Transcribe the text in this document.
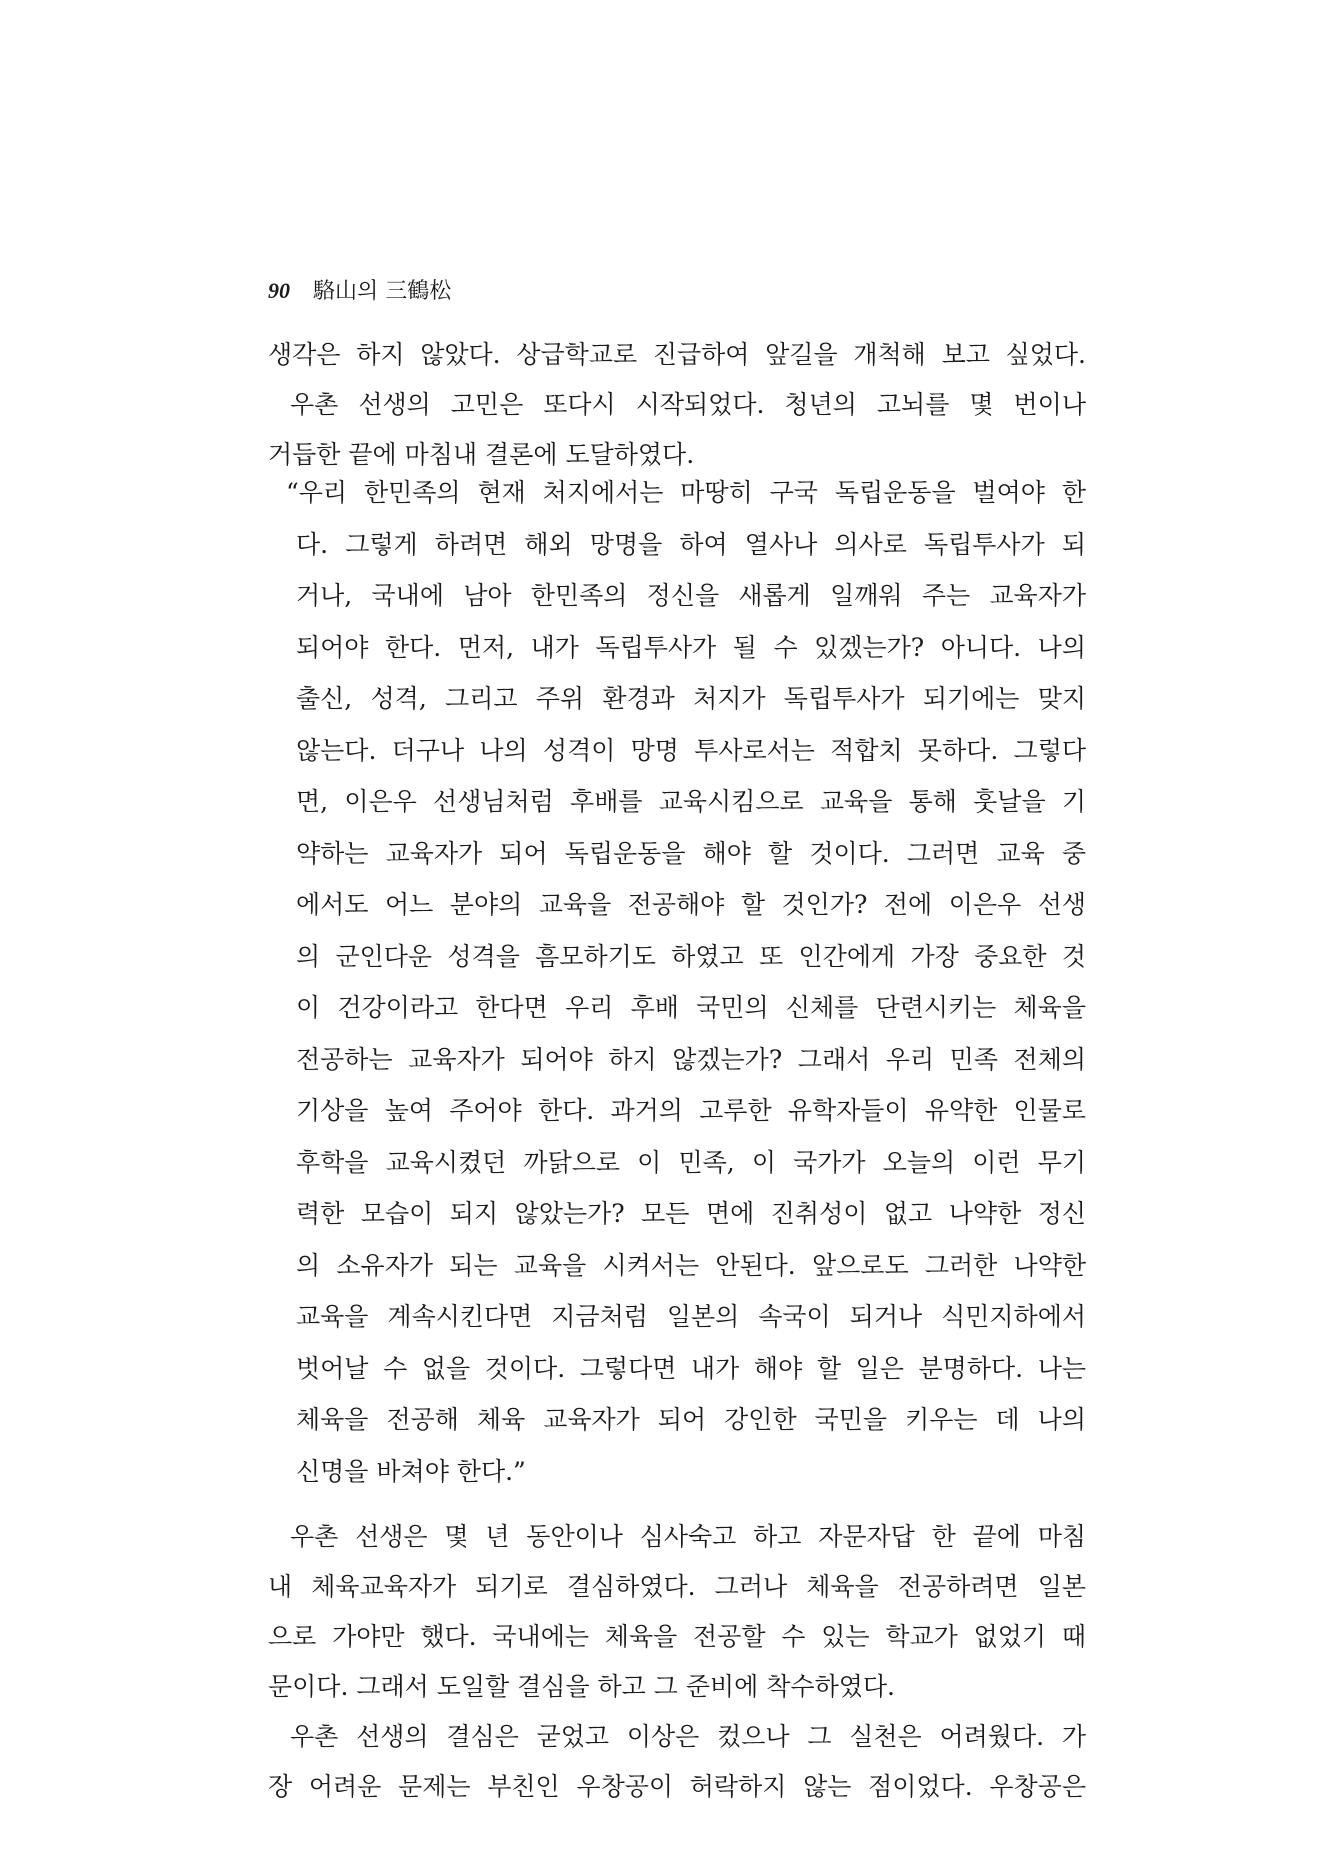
90 駱山의 三鶴松
생각은 하지 않았다. 상급학교로 진급하여 앞길을 개척해 보고 싶었다.
우촌 선생의 고민은 또다시 시작되었다. 청년의 고뇌를 몇 번이나
거듭한 끝에 마침내 결론에 도달하였다.
“우리 한민족의 현재 처지에서는 마땅히 구국 독립운동을 벌여야 한
다. 그렇게 하려면 해외 망명을 하여 열사나 의사로 독립투사가 되
거나, 국내에 남아 한민족의 정신을 새롭게 일깨워 주는 교육자가
되어야 한다. 먼저, 내가 독립투사가 될 수 있겠는가? 아니다. 나의
출신, 성격, 그리고 주위 환경과 처지가 독립투사가 되기에는 맞지
않는다. 더구나 나의 성격이 망명 투사로서는 적합치 못하다. 그렇다
면, 이은우 선생님처럼 후배를 교육시킴으로 교육을 통해 훗날을 기
약하는 교육자가 되어 독립운동을 해야 할 것이다. 그러면 교육 중
에서도 어느 분야의 교육을 전공해야 할 것인가? 전에 이은우 선생
의 군인다운 성격을 흠모하기도 하였고 또 인간에게 가장 중요한 것
이 건강이라고 한다면 우리 후배 국민의 신체를 단련시키는 체육을
전공하는 교육자가 되어야 하지 않겠는가? 그래서 우리 민족 전체의
기상을 높여 주어야 한다. 과거의 고루한 유학자들이 유약한 인물로
후학을 교육시켰던 까닭으로 이 민족, 이 국가가 오늘의 이런 무기
력한 모습이 되지 않았는가? 모든 면에 진취성이 없고 나약한 정신
의 소유자가 되는 교육을 시켜서는 안된다. 앞으로도 그러한 나약한
교육을 계속시킨다면 지금처럼 일본의 속국이 되거나 식민지하에서
벗어날 수 없을 것이다. 그렇다면 내가 해야 할 일은 분명하다. 나는
체육을 전공해 체육 교육자가 되어 강인한 국민을 키우는 데 나의
신명을 바쳐야 한다.”
우촌 선생은 몇 년 동안이나 심사숙고 하고 자문자답 한 끝에 마침
내 체육교육자가 되기로 결심하였다. 그러나 체육을 전공하려면 일본
으로 가야만 했다. 국내에는 체육을 전공할 수 있는 학교가 없었기 때
문이다. 그래서 도일할 결심을 하고 그 준비에 착수하였다.
우촌 선생의 결심은 굳었고 이상은 컸으나 그 실천은 어려웠다. 가
장 어려운 문제는 부친인 우창공이 허락하지 않는 점이었다. 우창공은
